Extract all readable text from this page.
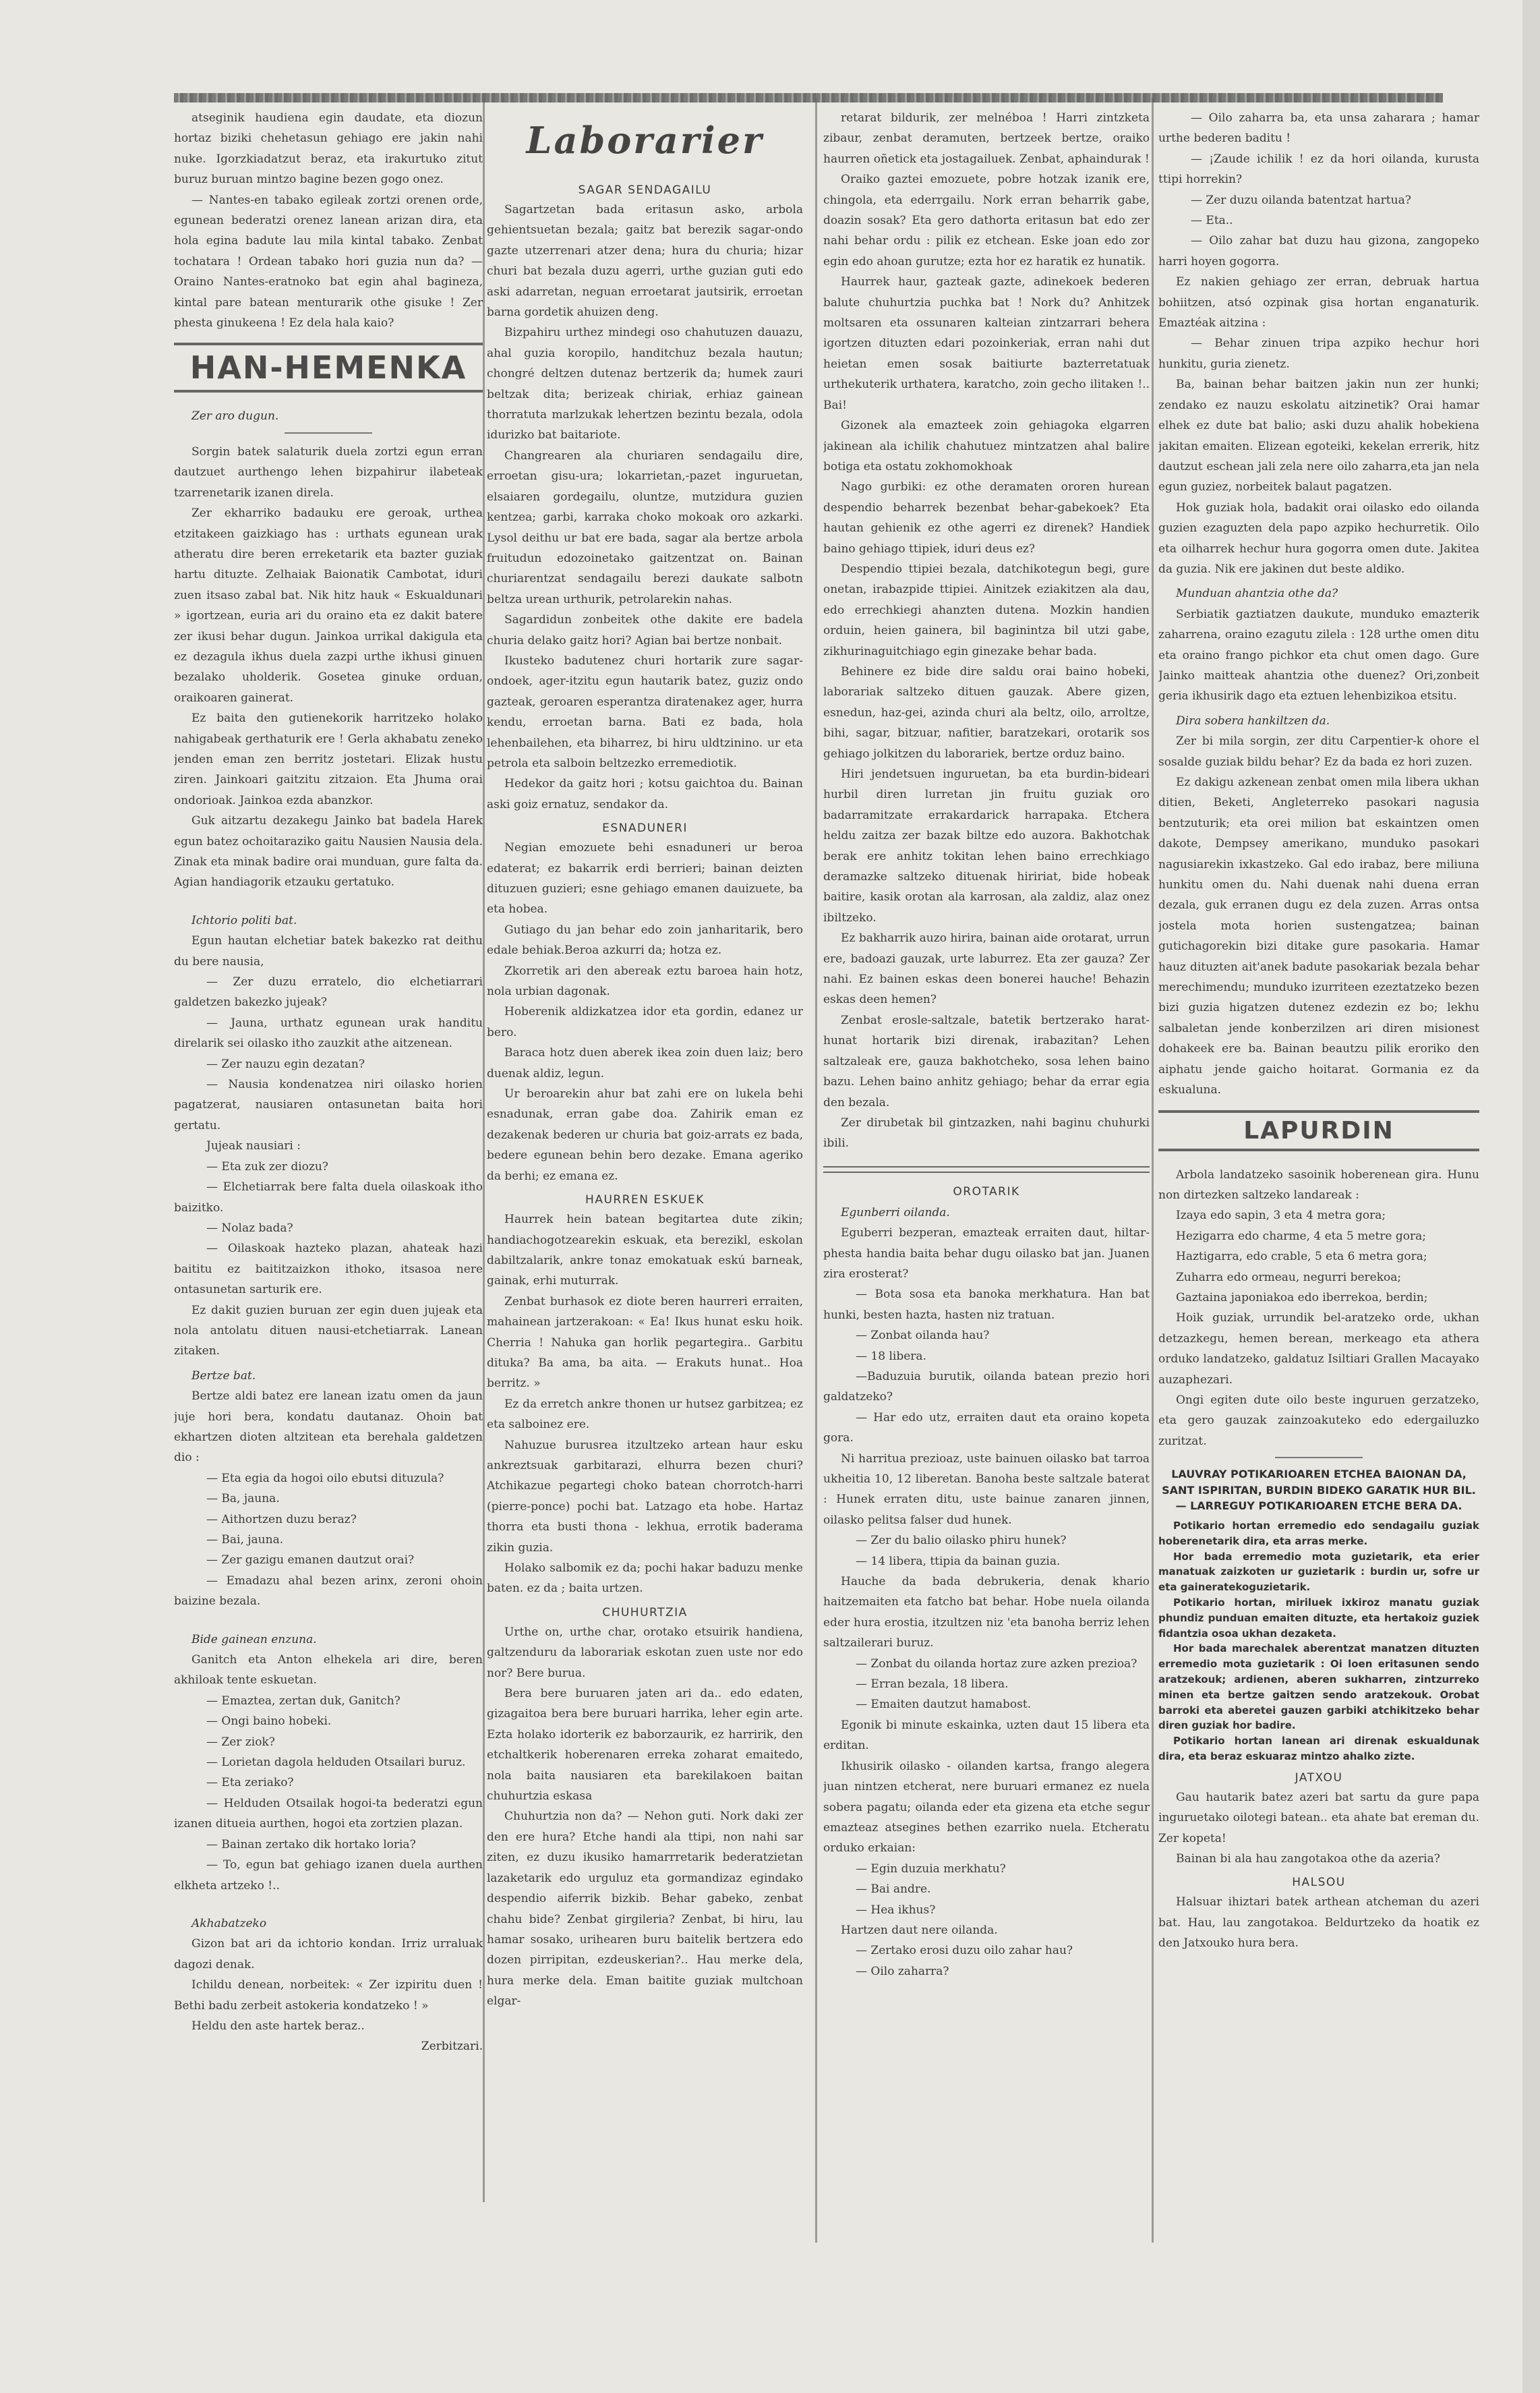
atseginik haudiena egin daudate, eta diozun hortaz biziki chehetasun gehiago ere jakin nahi nuke. Igorzkiadatzut beraz, eta irakurtuko zitut buruz buruan mintzo bagine bezen gogo onez.

— Nantes-en tabako egileak zortzi orenen orde, egunean bederatzi orenez lanean arizan dira, eta hola egina badute lau mila kintal tabako. Zenbat tochatara ! Ordean tabako hori guzia nun da? — Oraino Nantes-eratnoko bat egin ahal bagineza, kintal pare batean menturarik othe gisuke ! Zer phesta ginukeena ! Ez dela hala kaio?

HAN-HEMENKA

Zer aro dugun.

Sorgin batek salaturik duela zortzi egun erran dautzuet aurthengo lehen bizpahirur ilabeteak tzarrenetarik izanen direla.

Zer ekharriko badauku ere geroak, urthea etzitakeen gaizkiago has : urthats egunean urak atheratu dire beren erreketarik eta bazter guziak hartu dituzte. Zelhaiak Baionatik Cambotat, iduri zuen itsaso zabal bat. Nik hitz hauk « Eskualdunari » igortzean, euria ari du oraino eta ez dakit batere zer ikusi behar dugun. Jainkoa urrikal dakigula eta ez dezagula ikhus duela zazpi urthe ikhusi ginuen bezalako uholderik. Gosetea ginuke orduan, oraikoaren gainerat.

Ez baita den gutienekorik harritzeko holako nahigabeak gerthaturik ere ! Gerla akhabatu zeneko jenden eman zen berritz jostetari. Elizak hustu ziren. Jainkoari gaitzitu zitzaion. Eta Jhuma orai ondorioak. Jainkoa ezda abanzkor.

Guk aitzartu dezakegu Jainko bat badela Harek egun batez ochoitaraziko gaitu Nausien Nausia dela. Zinak eta minak badire orai munduan, gure falta da. Agian handiagorik etzauku gertatuko.

Ichtorio politi bat.

Egun hautan elchetiar batek bakezko rat deithu du bere nausia,

— Zer duzu erratelo, dio elchetiarrari galdetzen bakezko jujeak?

— Jauna, urthatz egunean urak handitu direlarik sei oilasko itho zauzkit athe aitzenean.

— Zer nauzu egin dezatan?

— Nausia kondenatzea niri oilasko horien pagatzerat, nausiaren ontasunetan baita hori gertatu.

Jujeak nausiari :

— Eta zuk zer diozu?

— Elchetiarrak bere falta duela oilaskoak itho baizitko.

— Nolaz bada?

— Oilaskoak hazteko plazan, ahateak hazi baititu ez baititzaizkon ithoko, itsasoa nere ontasunetan sarturik ere.

Ez dakit guzien buruan zer egin duen jujeak eta nola antolatu dituen nausi-etchetiarrak. Lanean zitaken.

Bertze bat.

Bertze aldi batez ere lanean izatu omen da jaun juje hori bera, kondatu dautanaz. Ohoin bat ekhartzen dioten altzitean eta berehala galdetzen dio :

— Eta egia da hogoi oilo ebutsi dituzula?

— Ba, jauna.

— Aithortzen duzu beraz?

— Bai, jauna.

— Zer gazigu emanen dautzut orai?

— Emadazu ahal bezen arinx, zeroni ohoin baizine bezala.

Bide gainean enzuna.

Ganitch eta Anton elhekela ari dire, beren akhiloak tente eskuetan.

— Emaztea, zertan duk, Ganitch?

— Ongi baino hobeki.

— Zer ziok?

— Lorietan dagola helduden Otsailari buruz.

— Eta zeriako?

— Helduden Otsailak hogoi-ta bederatzi egun izanen ditueia aurthen, hogoi eta zortzien plazan.

— Bainan zertako dik hortako loria?

— To, egun bat gehiago izanen duela aurthen elkheta artzeko !..

Akhabatzeko

Gizon bat ari da ichtorio kondan. Irriz urraluak dagozi denak.

Ichildu denean, norbeitek: « Zer izpiritu duen ! Bethi badu zerbeit astokeria kondatzeko ! »

Heldu den aste hartek beraz..

Zerbitzari.

Laborarier

SAGAR SENDAGAILU

Sagartzetan bada eritasun asko, arbola gehientsuetan bezala; gaitz bat berezik sagar-ondo gazte utzerrenari atzer dena; hura du churia; hizar churi bat bezala duzu agerri, urthe guzian guti edo aski adarretan, neguan erroetarat jautsirik, erroetan barna gordetik ahuizen deng.

Bizpahiru urthez mindegi oso chahutuzen dauazu, ahal guzia koropilo, handitchuz bezala hautun; chongré deltzen dutenaz bertzerik da; humek zauri beltzak dita; berizeak chiriak, erhiaz gainean thorratuta marlzukak lehertzen bezintu bezala, odola idurizko bat baitariote.

Changrearen ala churiaren sendagailu dire, erroetan gisu-ura; lokarrietan,-pazet inguruetan, elsaiaren gordegailu, oluntze, mutzidura guzien kentzea; garbi, karraka choko mokoak oro azkarki. Lysol deithu ur bat ere bada, sagar ala bertze arbola fruitudun edozoinetako gaitzentzat on. Bainan churiarentzat sendagailu berezi daukate salbotn beltza urean urthurik, petrolarekin nahas.

Sagardidun zonbeitek othe dakite ere badela churia delako gaitz hori? Agian bai bertze nonbait.

Ikusteko badutenez churi hortarik zure sagar-ondoek, ager-itzitu egun hautarik batez, guziz ondo gazteak, geroaren esperantza diratenakez ager, hurra kendu, erroetan barna. Bati ez bada, hola lehenbailehen, eta biharrez, bi hiru uldtzinino. ur eta petrola eta salboin beltzezko erremediotik.

Hedekor da gaitz hori ; kotsu gaichtoa du. Bainan aski goiz ernatuz, sendakor da.

ESNADUNERI

Negian emozuete behi esnaduneri ur beroa edaterat; ez bakarrik erdi berrieri; bainan deizten dituzuen guzieri; esne gehiago emanen dauizuete, ba eta hobea.

Gutiago du jan behar edo zoin janharitarik, bero edale behiak.Beroa azkurri da; hotza ez.

Zkorretik ari den abereak eztu baroea hain hotz, nola urbian dagonak.

Hoberenik aldizkatzea idor eta gordin, edanez ur bero.

Baraca hotz duen aberek ikea zoin duen laiz; bero duenak aldiz, legun.

Ur beroarekin ahur bat zahi ere on lukela behi esnadunak, erran gabe doa. Zahirik eman ez dezakenak bederen ur churia bat goiz-arrats ez bada, bedere egunean behin bero dezake. Emana ageriko da berhi; ez emana ez.

HAURREN ESKUEK

Haurrek hein batean begitartea dute zikin; handiachogotzearekin eskuak, eta berezikl, eskolan dabiltzalarik, ankre tonaz emokatuak eskú barneak, gainak, erhi muturrak.

Zenbat burhasok ez diote beren haurreri erraiten, mahainean jartzerakoan: « Ea! Ikus hunat esku hoik. Cherria ! Nahuka gan horlik pegartegira.. Garbitu dituka? Ba ama, ba aita. — Erakuts hunat.. Hoa berritz. »

Ez da erretch ankre thonen ur hutsez garbitzea; ez eta salboinez ere.

Nahuzue burusrea itzultzeko artean haur esku ankreztsuak garbitarazi, elhurra bezen churi? Atchikazue pegartegi choko batean chorrotch-harri (pierre-ponce) pochi bat. Latzago eta hobe. Hartaz thorra eta busti thona - lekhua, errotik baderama zikin guzia.

Holako salbomik ez da; pochi hakar baduzu menke baten. ez da ; baita urtzen.

CHUHURTZIA

Urthe on, urthe char, orotako etsuirik handiena, galtzenduru da laborariak eskotan zuen uste nor edo nor? Bere burua.

Bera bere buruaren jaten ari da.. edo edaten, gizagaitoa bera bere buruari harrika, leher egin arte. Ezta holako idorterik ez baborzaurik, ez harririk, den etchaltkerik hoberenaren erreka zoharat emaitedo, nola baita nausiaren eta barekilakoen baitan chuhurtzia eskasa

Chuhurtzia non da? — Nehon guti. Nork daki zer den ere hura? Etche handi ala ttipi, non nahi sar ziten, ez duzu ikusiko hamarrretarik bederatzietan lazaketarik edo urguluz eta gormandizaz egindako despendio aiferrik bizkib. Behar gabeko, zenbat chahu bide? Zenbat girgileria? Zenbat, bi hiru, lau hamar sosako, urihearen buru baitelik bertzera edo dozen pirripitan, ezdeuskerian?.. Hau merke dela, hura merke dela. Eman baitite guziak multchoan elgar-

retarat bildurik, zer melnéboa ! Harri zintzketa zibaur, zenbat deramuten, bertzeek bertze, oraiko haurren oñetick eta jostagailuek. Zenbat, aphaindurak !

Oraiko gaztei emozuete, pobre hotzak izanik ere, chingola, eta ederrgailu. Nork erran beharrik gabe, doazin sosak? Eta gero dathorta eritasun bat edo zer nahi behar ordu : pilik ez etchean. Eske joan edo zor egin edo ahoan gurutze; ezta hor ez haratik ez hunatik.

Haurrek haur, gazteak gazte, adinekoek bederen balute chuhurtzia puchka bat ! Nork du? Anhitzek moltsaren eta ossunaren kalteian zintzarrari behera igortzen dituzten edari pozoinkeriak, erran nahi dut heietan emen sosak baitiurte bazterretatuak urthekuterik urthatera, karatcho, zoin gecho ilitaken !.. Bai!

Gizonek ala emazteek zoin gehiagoka elgarren jakinean ala ichilik chahutuez mintzatzen ahal balire botiga eta ostatu zokhomokhoak

Nago gurbiki: ez othe deramaten ororen hurean despendio beharrek bezenbat behar-gabekoek? Eta hautan gehienik ez othe agerri ez direnek? Handiek baino gehiago ttipiek, iduri deus ez?

Despendio ttipiei bezala, datchikotegun begi, gure onetan, irabazpide ttipiei. Ainitzek eziakitzen ala dau, edo errechkiegi ahanzten dutena. Mozkin handien orduin, heien gainera, bil baginintza bil utzi gabe, zikhurinaguitchiago egin ginezake behar bada.

Behinere ez bide dire saldu orai baino hobeki, laborariak saltzeko dituen gauzak. Abere gizen, esnedun, haz-gei, azinda churi ala beltz, oilo, arroltze, bihi, sagar, bitzuar, nafitier, baratzekari, orotarik sos gehiago jolkitzen du laborariek, bertze orduz baino.

Hiri jendetsuen inguruetan, ba eta burdin-bideari hurbil diren lurretan jin fruitu guziak oro badarramitzate errakardarick harrapaka. Etchera heldu zaitza zer bazak biltze edo auzora. Bakhotchak berak ere anhitz tokitan lehen baino errechkiago deramazke saltzeko dituenak hiririat, bide hobeak baitire, kasik orotan ala karrosan, ala zaldiz, alaz onez ibiltzeko.

Ez bakharrik auzo hirira, bainan aide orotarat, urrun ere, badoazi gauzak, urte laburrez. Eta zer gauza? Zer nahi. Ez bainen eskas deen bonerei hauche! Behazin eskas deen hemen?

Zenbat erosle-saltzale, batetik bertzerako harat-hunat hortarik bizi direnak, irabazitan? Lehen saltzaleak ere, gauza bakhotcheko, sosa lehen baino bazu. Lehen baino anhitz gehiago; behar da errar egia den bezala.

Zer dirubetak bil gintzazken, nahi baginu chuhurki ibili.

OROTARIK

Egunberri oilanda.

Eguberri bezperan, emazteak erraiten daut, hiltar-phesta handia baita behar dugu oilasko bat jan. Juanen zira erosterat?

— Bota sosa eta banoka merkhatura. Han bat hunki, besten hazta, hasten niz tratuan.

— Zonbat oilanda hau?

— 18 libera.

—Baduzuia burutik, oilanda batean prezio hori galdatzeko?

— Har edo utz, erraiten daut eta oraino kopeta gora.

Ni harritua prezioaz, uste bainuen oilasko bat tarroa ukheitia 10, 12 liberetan. Banoha beste saltzale baterat : Hunek erraten ditu, uste bainue zanaren jinnen, oilasko pelitsa falser dud hunek.

— Zer du balio oilasko phiru hunek?

— 14 libera, ttipia da bainan guzia.

Hauche da bada debrukeria, denak khario haitzemaiten eta fatcho bat behar. Hobe nuela oilanda eder hura erostia, itzultzen niz 'eta banoha berriz lehen saltzailerari buruz.

— Zonbat du oilanda hortaz zure azken prezioa?

— Erran bezala, 18 libera.

— Emaiten dautzut hamabost.

Egonik bi minute eskainka, uzten daut 15 libera eta erditan.

Ikhusirik oilasko - oilanden kartsa, frango alegera juan nintzen etcherat, nere buruari ermanez ez nuela sobera pagatu; oilanda eder eta gizena eta etche segur emazteaz atsegines bethen ezarriko nuela. Etcheratu orduko erkaian:

— Egin duzuia merkhatu?

— Bai andre.

— Hea ikhus?

Hartzen daut nere oilanda.

— Zertako erosi duzu oilo zahar hau?

— Oilo zaharra?

— Oilo zaharra ba, eta unsa zaharara ; hamar urthe bederen baditu !

— ¡Zaude ichilik ! ez da hori oilanda, kurusta ttipi horrekin?

— Zer duzu oilanda batentzat hartua?

— Eta..

— Oilo zahar bat duzu hau gizona, zangopeko harri hoyen gogorra.

Ez nakien gehiago zer erran, debruak hartua bohiitzen, atsó ozpinak gisa hortan enganaturik. Emaztéak aitzina :

— Behar zinuen tripa azpiko hechur hori hunkitu, guria zienetz.

Ba, bainan behar baitzen jakin nun zer hunki; zendako ez nauzu eskolatu aitzinetik? Orai hamar elhek ez dute bat balio; aski duzu ahalik hobekiena jakitan emaiten. Elizean egoteiki, kekelan errerik, hitz dautzut eschean jali zela nere oilo zaharra,eta jan nela egun guziez, norbeitek balaut pagatzen.

Hok guziak hola, badakit orai oilasko edo oilanda guzien ezaguzten dela papo azpiko hechurretik. Oilo eta oilharrek hechur hura gogorra omen dute. Jakitea da guzia. Nik ere jakinen dut beste aldiko.

Munduan ahantzia othe da?

Serbiatik gaztiatzen daukute, munduko emazterik zaharrena, oraino ezagutu zilela : 128 urthe omen ditu eta oraino frango pichkor eta chut omen dago. Gure Jainko maitteak ahantzia othe duenez? Ori,zonbeit geria ikhusirik dago eta eztuen lehenbizikoa etsitu.

Dira sobera hankiltzen da.

Zer bi mila sorgin, zer ditu Carpentier-k ohore el sosalde guziak bildu behar? Ez da bada ez hori zuzen.

Ez dakigu azkenean zenbat omen mila libera ukhan ditien, Beketi, Angleterreko pasokari nagusia bentzuturik; eta orei milion bat eskaintzen omen dakote, Dempsey amerikano, munduko pasokari nagusiarekin ixkastzeko. Gal edo irabaz, bere miliuna hunkitu omen du. Nahi duenak nahi duena erran dezala, guk erranen dugu ez dela zuzen. Arras ontsa jostela mota horien sustengatzea; bainan gutichagorekin bizi ditake gure pasokaria. Hamar hauz dituzten ait'anek badute pasokariak bezala behar merechimendu; munduko izurriteen ezeztatzeko bezen bizi guzia higatzen dutenez ezdezin ez bo; lekhu salbaletan jende konberzilzen ari diren misionest dohakeek ere ba. Bainan beautzu pilik eroriko den aiphatu jende gaicho hoitarat. Gormania ez da eskualuna.

LAPURDIN

Arbola landatzeko sasoinik hoberenean gira. Hunu non dirtezken saltzeko landareak :

Izaya edo sapin, 3 eta 4 metra gora;

Hezigarra edo charme, 4 eta 5 metre gora;

Haztigarra, edo crable, 5 eta 6 metra gora;

Zuharra edo ormeau, negurri berekoa;

Gaztaina japoniakoa edo iberrekoa, berdin;

Hoik guziak, urrundik bel-aratzeko orde, ukhan detzazkegu, hemen berean, merkeago eta athera orduko landatzeko, galdatuz Isiltiari Grallen Macayako auzaphezari.

Ongi egiten dute oilo beste inguruen gerzatzeko, eta gero gauzak zainzoakuteko edo edergailuzko zuritzat.

LAUVRAY POTIKARIOAREN ETCHEA BAIONAN DA, SANT ISPIRITAN, BURDIN BIDEKO GARATIK HUR BIL. — LARREGUY POTIKARIOAREN ETCHE BERA DA.

Potikario hortan erremedio edo sendagailu guziak hoberenetarik dira, eta arras merke.

Hor bada erremedio mota guzietarik, eta erier manatuak zaizkoten ur guzietarik : burdin ur, sofre ur eta gaineratekoguzietarik.

Potikario hortan, miriluek ixkiroz manatu guziak phundiz punduan emaiten dituzte, eta hertakoiz guziek fidantzia osoa ukhan dezaketa.

Hor bada marechalek aberentzat manatzen dituzten erremedio mota guzietarik : Oi loen eritasunen sendo aratzekouk; ardienen, aberen sukharren, zintzurreko minen eta bertze gaitzen sendo aratzekouk. Orobat barroki eta aberetei gauzen garbiki atchikitzeko behar diren guziak hor badire.

Potikario hortan lanean ari direnak eskualdunak dira, eta beraz eskuaraz mintzo ahalko zizte.

JATXOU

Gau hautarik batez azeri bat sartu da gure papa inguruetako oilotegi batean.. eta ahate bat ereman du. Zer kopeta!

Bainan bi ala hau zangotakoa othe da azeria?

HALSOU

Halsuar ihiztari batek arthean atcheman du azeri bat. Hau, lau zangotakoa. Beldurtzeko da hoatik ez den Jatxouko hura bera.
